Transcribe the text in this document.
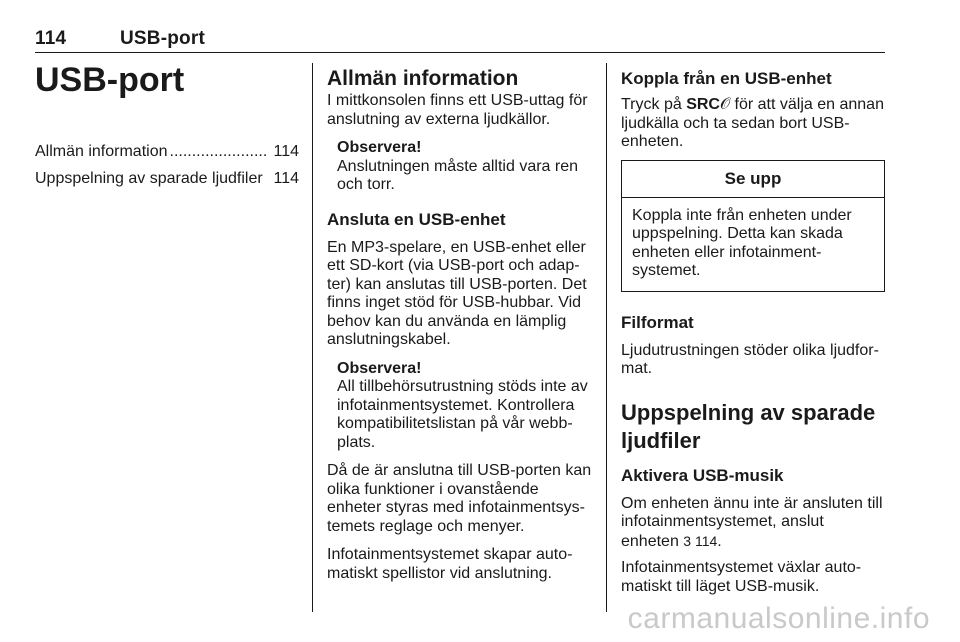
114	USB-port
USB-port
Allmän information ...................... 114
Uppspelning av sparade ljudfiler 114
Allmän information

I mittkonsolen finns ett USB-uttag för anslutning av externa ljudkällor.

Observera!

Anslutningen måste alltid vara ren och torr.

Ansluta en USB-enhet

En MP3-spelare, en USB-enhet eller ett SD-kort (via USB-port och adap-ter) kan anslutas till USB-porten. Det finns inget stöd för USB-hubbar. Vid behov kan du använda en lämplig anslutningskabel.

Observera!

All tillbehörsutrustning stöds inte av infotainmentsystemet. Kontrollera kompatibilitetslistan på vår webb-plats.

Då de är anslutna till USB-porten kan olika funktioner i ovanstående enheter styras med infotainmentsys-temets reglage och menyer.

Infotainmentsystemet skapar auto-matiskt spellistor vid anslutning.

Koppla från en USB-enhet

Tryck på SRC𝒪 för att välja en annan ljudkälla och ta sedan bort USB-enheten.

Se upp
Koppla inte från enheten under uppspelning. Detta kan skada enheten eller infotainment-systemet.
Filformat

Ljudutrustningen stöder olika ljudfor-mat.

Uppspelning av sparade ljudfiler
Aktivera USB-musik

Om enheten ännu inte är ansluten till infotainmentsystemet, anslut enheten 3 114.

Infotainmentsystemet växlar auto-matiskt till läget USB-musik.

carmanualsonline.info
